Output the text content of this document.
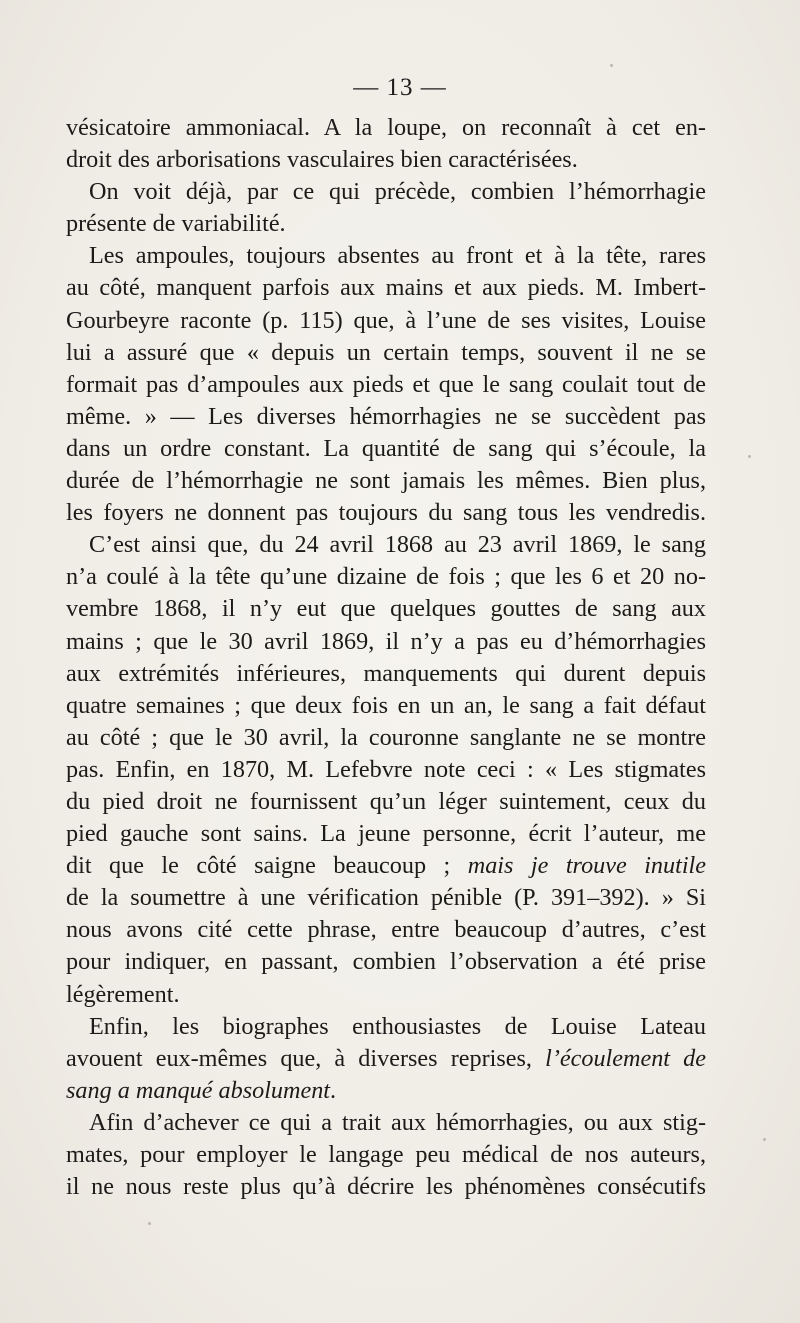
— 13 —

vésicatoire ammoniacal. A la loupe, on reconnaît à cet en-

droit des arborisations vasculaires bien caractérisées.

On voit déjà, par ce qui précède, combien l’hémorrhagie

présente de variabilité.

Les ampoules, toujours absentes au front et à la tête, rares

au côté, manquent parfois aux mains et aux pieds. M. Imbert-

Gourbeyre raconte (p. 115) que, à l’une de ses visites, Louise

lui a assuré que « depuis un certain temps, souvent il ne se

formait pas d’ampoules aux pieds et que le sang coulait tout de

même. » — Les diverses hémorrhagies ne se succèdent pas

dans un ordre constant. La quantité de sang qui s’écoule, la

durée de l’hémorrhagie ne sont jamais les mêmes. Bien plus,

les foyers ne donnent pas toujours du sang tous les vendredis.

C’est ainsi que, du 24 avril 1868 au 23 avril 1869, le sang

n’a coulé à la tête qu’une dizaine de fois ; que les 6 et 20 no-

vembre 1868, il n’y eut que quelques gouttes de sang aux

mains ; que le 30 avril 1869, il n’y a pas eu d’hémorrhagies

aux extrémités inférieures, manquements qui durent depuis

quatre semaines ; que deux fois en un an, le sang a fait défaut

au côté ; que le 30 avril, la couronne sanglante ne se montre

pas. Enfin, en 1870, M. Lefebvre note ceci : « Les stigmates

du pied droit ne fournissent qu’un léger suintement, ceux du

pied gauche sont sains. La jeune personne, écrit l’auteur, me

dit que le côté saigne beaucoup ; mais je trouve inutile

de la soumettre à une vérification pénible (P. 391–392). » Si

nous avons cité cette phrase, entre beaucoup d’autres, c’est

pour indiquer, en passant, combien l’observation a été prise

légèrement.

Enfin, les biographes enthousiastes de Louise Lateau

avouent eux-mêmes que, à diverses reprises, l’écoulement de

sang a manqué absolument.

Afin d’achever ce qui a trait aux hémorrhagies, ou aux stig-

mates, pour employer le langage peu médical de nos auteurs,

il ne nous reste plus qu’à décrire les phénomènes consécutifs
